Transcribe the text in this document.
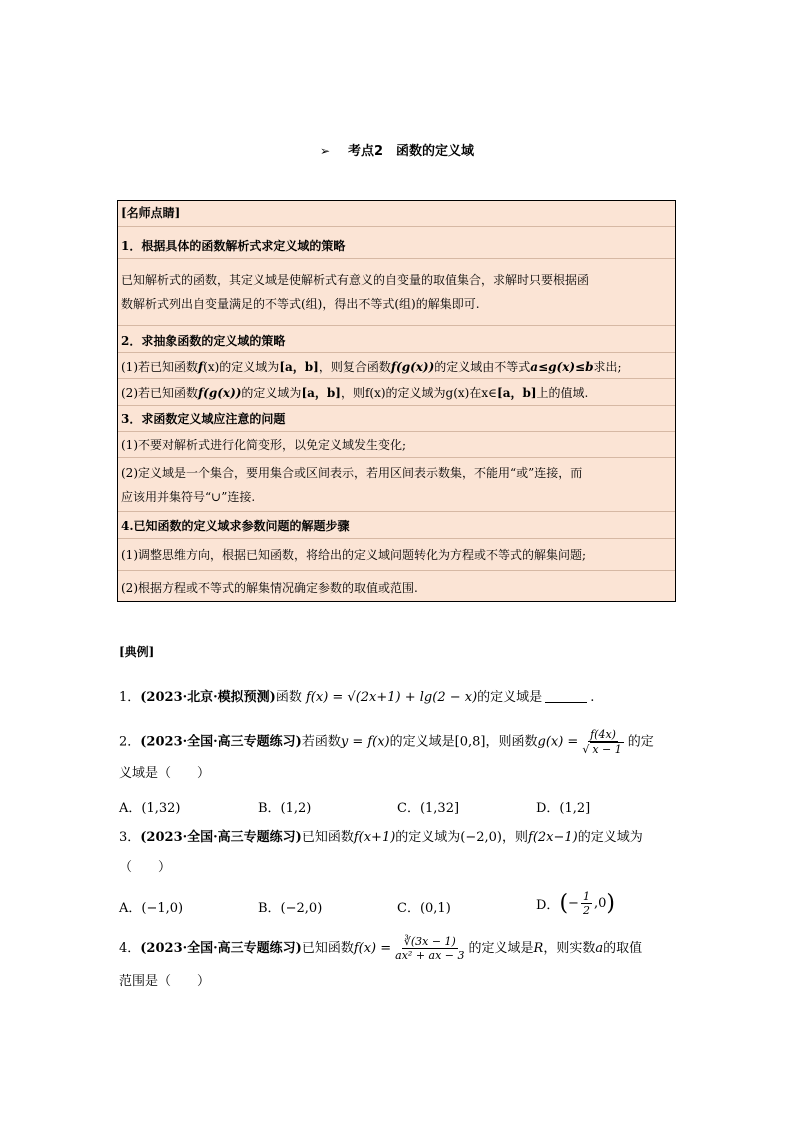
➢ 考点2　函数的定义域
[名师点睛]
1．根据具体的函数解析式求定义域的策略
已知解析式的函数，其定义域是使解析式有意义的自变量的取值集合，求解时只要根据函
数解析式列出自变量满足的不等式(组)，得出不等式(组)的解集即可.
2．求抽象函数的定义域的策略
(1)若已知函数f(x)的定义域为[a，b]，则复合函数f(g(x))的定义域由不等式a≤g(x)≤b求出;
(2)若已知函数f(g(x))的定义域为[a，b]，则f(x)的定义域为g(x)在x∈[a，b]上的值域.
3．求函数定义域应注意的问题
(1)不要对解析式进行化简变形，以免定义域发生变化;
(2)定义域是一个集合，要用集合或区间表示，若用区间表示数集，不能用“或”连接，而
应该用并集符号“∪”连接.
4.已知函数的定义域求参数问题的解题步骤
(1)调整思维方向，根据已知函数，将给出的定义域问题转化为方程或不等式的解集问题;
(2)根据方程或不等式的解集情况确定参数的取值或范围.
[典例]
1．(2023·北京·模拟预测)函数 f(x) = √(2x+1) + lg(2 − x)的定义域是	.
2．(2023·全国·高三专题练习)若函数y = f(x)的定义域是[0,8]，则函数$g(x) = \frac{f(4x)}{√ x - 1}$ 的定
义域是（　　）
A．(1,32)	B．(1,2)	C．(1,32]	D．(1,2]
3．(2023·全国·高三专题练习)已知函数f(x+1)的定义域为(−2,0)，则f(2x−1)的定义域为
（　　）
A．(−1,0)	B．(−2,0)	C．(0,1)	D． ( − $\frac{1}{2} ,0$ )
4．(2023·全国·高三专题练习)已知函数$f(x) = \frac{∛(3x - 1)}{\text{ax² + ax − 3}}$ 的定义域是R，则实数a的取值
范围是（　　）
